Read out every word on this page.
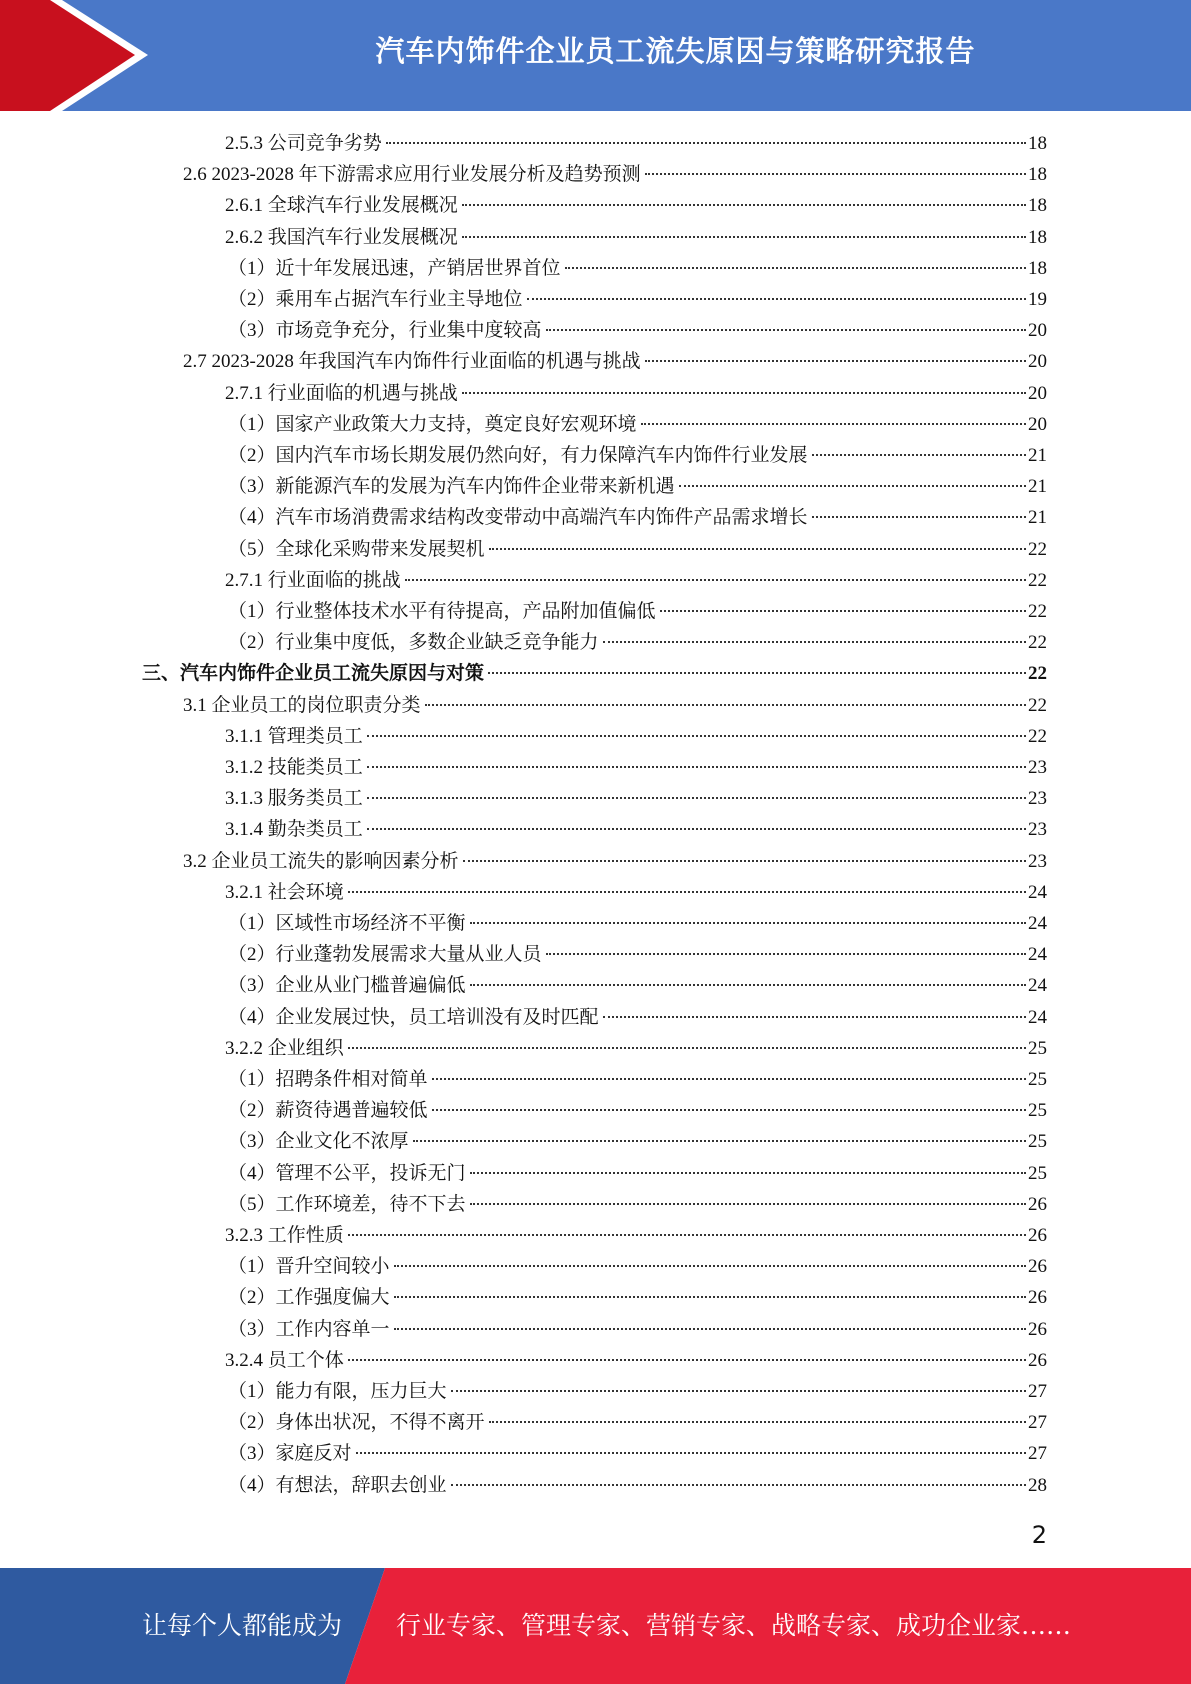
汽车内饰件企业员工流失原因与策略研究报告
2.5.3 公司竞争劣势	18
2.6 2023-2028 年下游需求应用行业发展分析及趋势预测	18
2.6.1 全球汽车行业发展概况	18
2.6.2 我国汽车行业发展概况	18
（1）近十年发展迅速，产销居世界首位	18
（2）乘用车占据汽车行业主导地位	19
（3）市场竞争充分，行业集中度较高	20
2.7 2023-2028 年我国汽车内饰件行业面临的机遇与挑战	20
2.7.1 行业面临的机遇与挑战	20
（1）国家产业政策大力支持，奠定良好宏观环境	20
（2）国内汽车市场长期发展仍然向好，有力保障汽车内饰件行业发展	21
（3）新能源汽车的发展为汽车内饰件企业带来新机遇	21
（4）汽车市场消费需求结构改变带动中高端汽车内饰件产品需求增长	21
（5）全球化采购带来发展契机	22
2.7.1 行业面临的挑战	22
（1）行业整体技术水平有待提高，产品附加值偏低	22
（2）行业集中度低，多数企业缺乏竞争能力	22
三、汽车内饰件企业员工流失原因与对策	22
3.1 企业员工的岗位职责分类	22
3.1.1 管理类员工	22
3.1.2 技能类员工	23
3.1.3 服务类员工	23
3.1.4 勤杂类员工	23
3.2 企业员工流失的影响因素分析	23
3.2.1 社会环境	24
（1）区域性市场经济不平衡	24
（2）行业蓬勃发展需求大量从业人员	24
（3）企业从业门槛普遍偏低	24
（4）企业发展过快，员工培训没有及时匹配	24
3.2.2 企业组织	25
（1）招聘条件相对简单	25
（2）薪资待遇普遍较低	25
（3）企业文化不浓厚	25
（4）管理不公平，投诉无门	25
（5）工作环境差，待不下去	26
3.2.3 工作性质	26
（1）晋升空间较小	26
（2）工作强度偏大	26
（3）工作内容单一	26
3.2.4 员工个体	26
（1）能力有限，压力巨大	27
（2）身体出状况，不得不离开	27
（3）家庭反对	27
（4）有想法，辞职去创业	28
2
让每个人都能成为 行业专家、管理专家、营销专家、战略专家、成功企业家……
